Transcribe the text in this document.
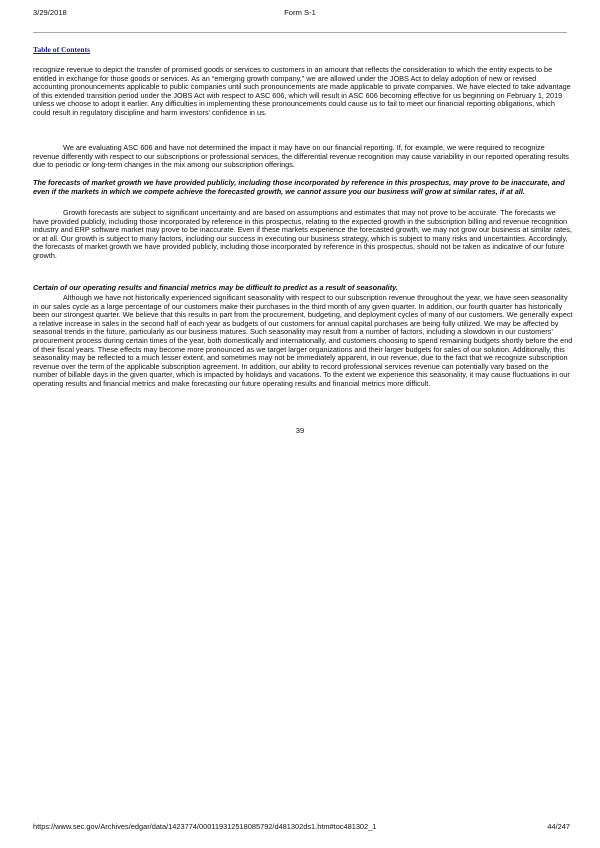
3/29/2018	Form S-1
Table of Contents

recognize revenue to depict the transfer of promised goods or services to customers in an amount that reflects the consideration to which the entity expects to be entitled in exchange for those goods or services. As an “emerging growth company,” we are allowed under the JOBS Act to delay adoption of new or revised accounting pronouncements applicable to public companies until such pronouncements are made applicable to private companies. We have elected to take advantage of this extended transition period under the JOBS Act with respect to ASC 606, which will result in ASC 606 becoming effective for us beginning on February 1, 2019 unless we choose to adopt it earlier. Any difficulties in implementing these pronouncements could cause us to fail to meet our financial reporting obligations, which could result in regulatory discipline and harm investors’ confidence in us.

We are evaluating ASC 606 and have not determined the impact it may have on our financial reporting. If, for example, we were required to recognize revenue differently with respect to our subscriptions or professional services, the differential revenue recognition may cause variability in our reported operating results due to periodic or long-term changes in the mix among our subscription offerings.

The forecasts of market growth we have provided publicly, including those incorporated by reference in this prospectus, may prove to be inaccurate, and even if the markets in which we compete achieve the forecasted growth, we cannot assure you our business will grow at similar rates, if at all.

Growth forecasts are subject to significant uncertainty and are based on assumptions and estimates that may not prove to be accurate. The forecasts we have provided publicly, including those incorporated by reference in this prospectus, relating to the expected growth in the subscription billing and revenue recognition industry and ERP software market may prove to be inaccurate. Even if these markets experience the forecasted growth, we may not grow our business at similar rates, or at all. Our growth is subject to many factors, including our success in executing our business strategy, which is subject to many risks and uncertainties. Accordingly, the forecasts of market growth we have provided publicly, including those incorporated by reference in this prospectus, should not be taken as indicative of our future growth.

Certain of our operating results and financial metrics may be difficult to predict as a result of seasonality.

Although we have not historically experienced significant seasonality with respect to our subscription revenue throughout the year, we have seen seasonality in our sales cycle as a large percentage of our customers make their purchases in the third month of any given quarter. In addition, our fourth quarter has historically been our strongest quarter. We believe that this results in part from the procurement, budgeting, and deployment cycles of many of our customers. We generally expect a relative increase in sales in the second half of each year as budgets of our customers for annual capital purchases are being fully utilized. We may be affected by seasonal trends in the future, particularly as our business matures. Such seasonality may result from a number of factors, including a slowdown in our customers’ procurement process during certain times of the year, both domestically and internationally, and customers choosing to spend remaining budgets shortly before the end of their fiscal years. These effects may become more pronounced as we target larger organizations and their larger budgets for sales of our solution. Additionally, this seasonality may be reflected to a much lesser extent, and sometimes may not be immediately apparent, in our revenue, due to the fact that we recognize subscription revenue over the term of the applicable subscription agreement. In addition, our ability to record professional services revenue can potentially vary based on the number of billable days in the given quarter, which is impacted by holidays and vacations. To the extent we experience this seasonality, it may cause fluctuations in our operating results and financial metrics and make forecasting our future operating results and financial metrics more difficult.

39
https://www.sec.gov/Archives/edgar/data/1423774/000119312518085792/d481302ds1.htm#toc481302_1	44/247
